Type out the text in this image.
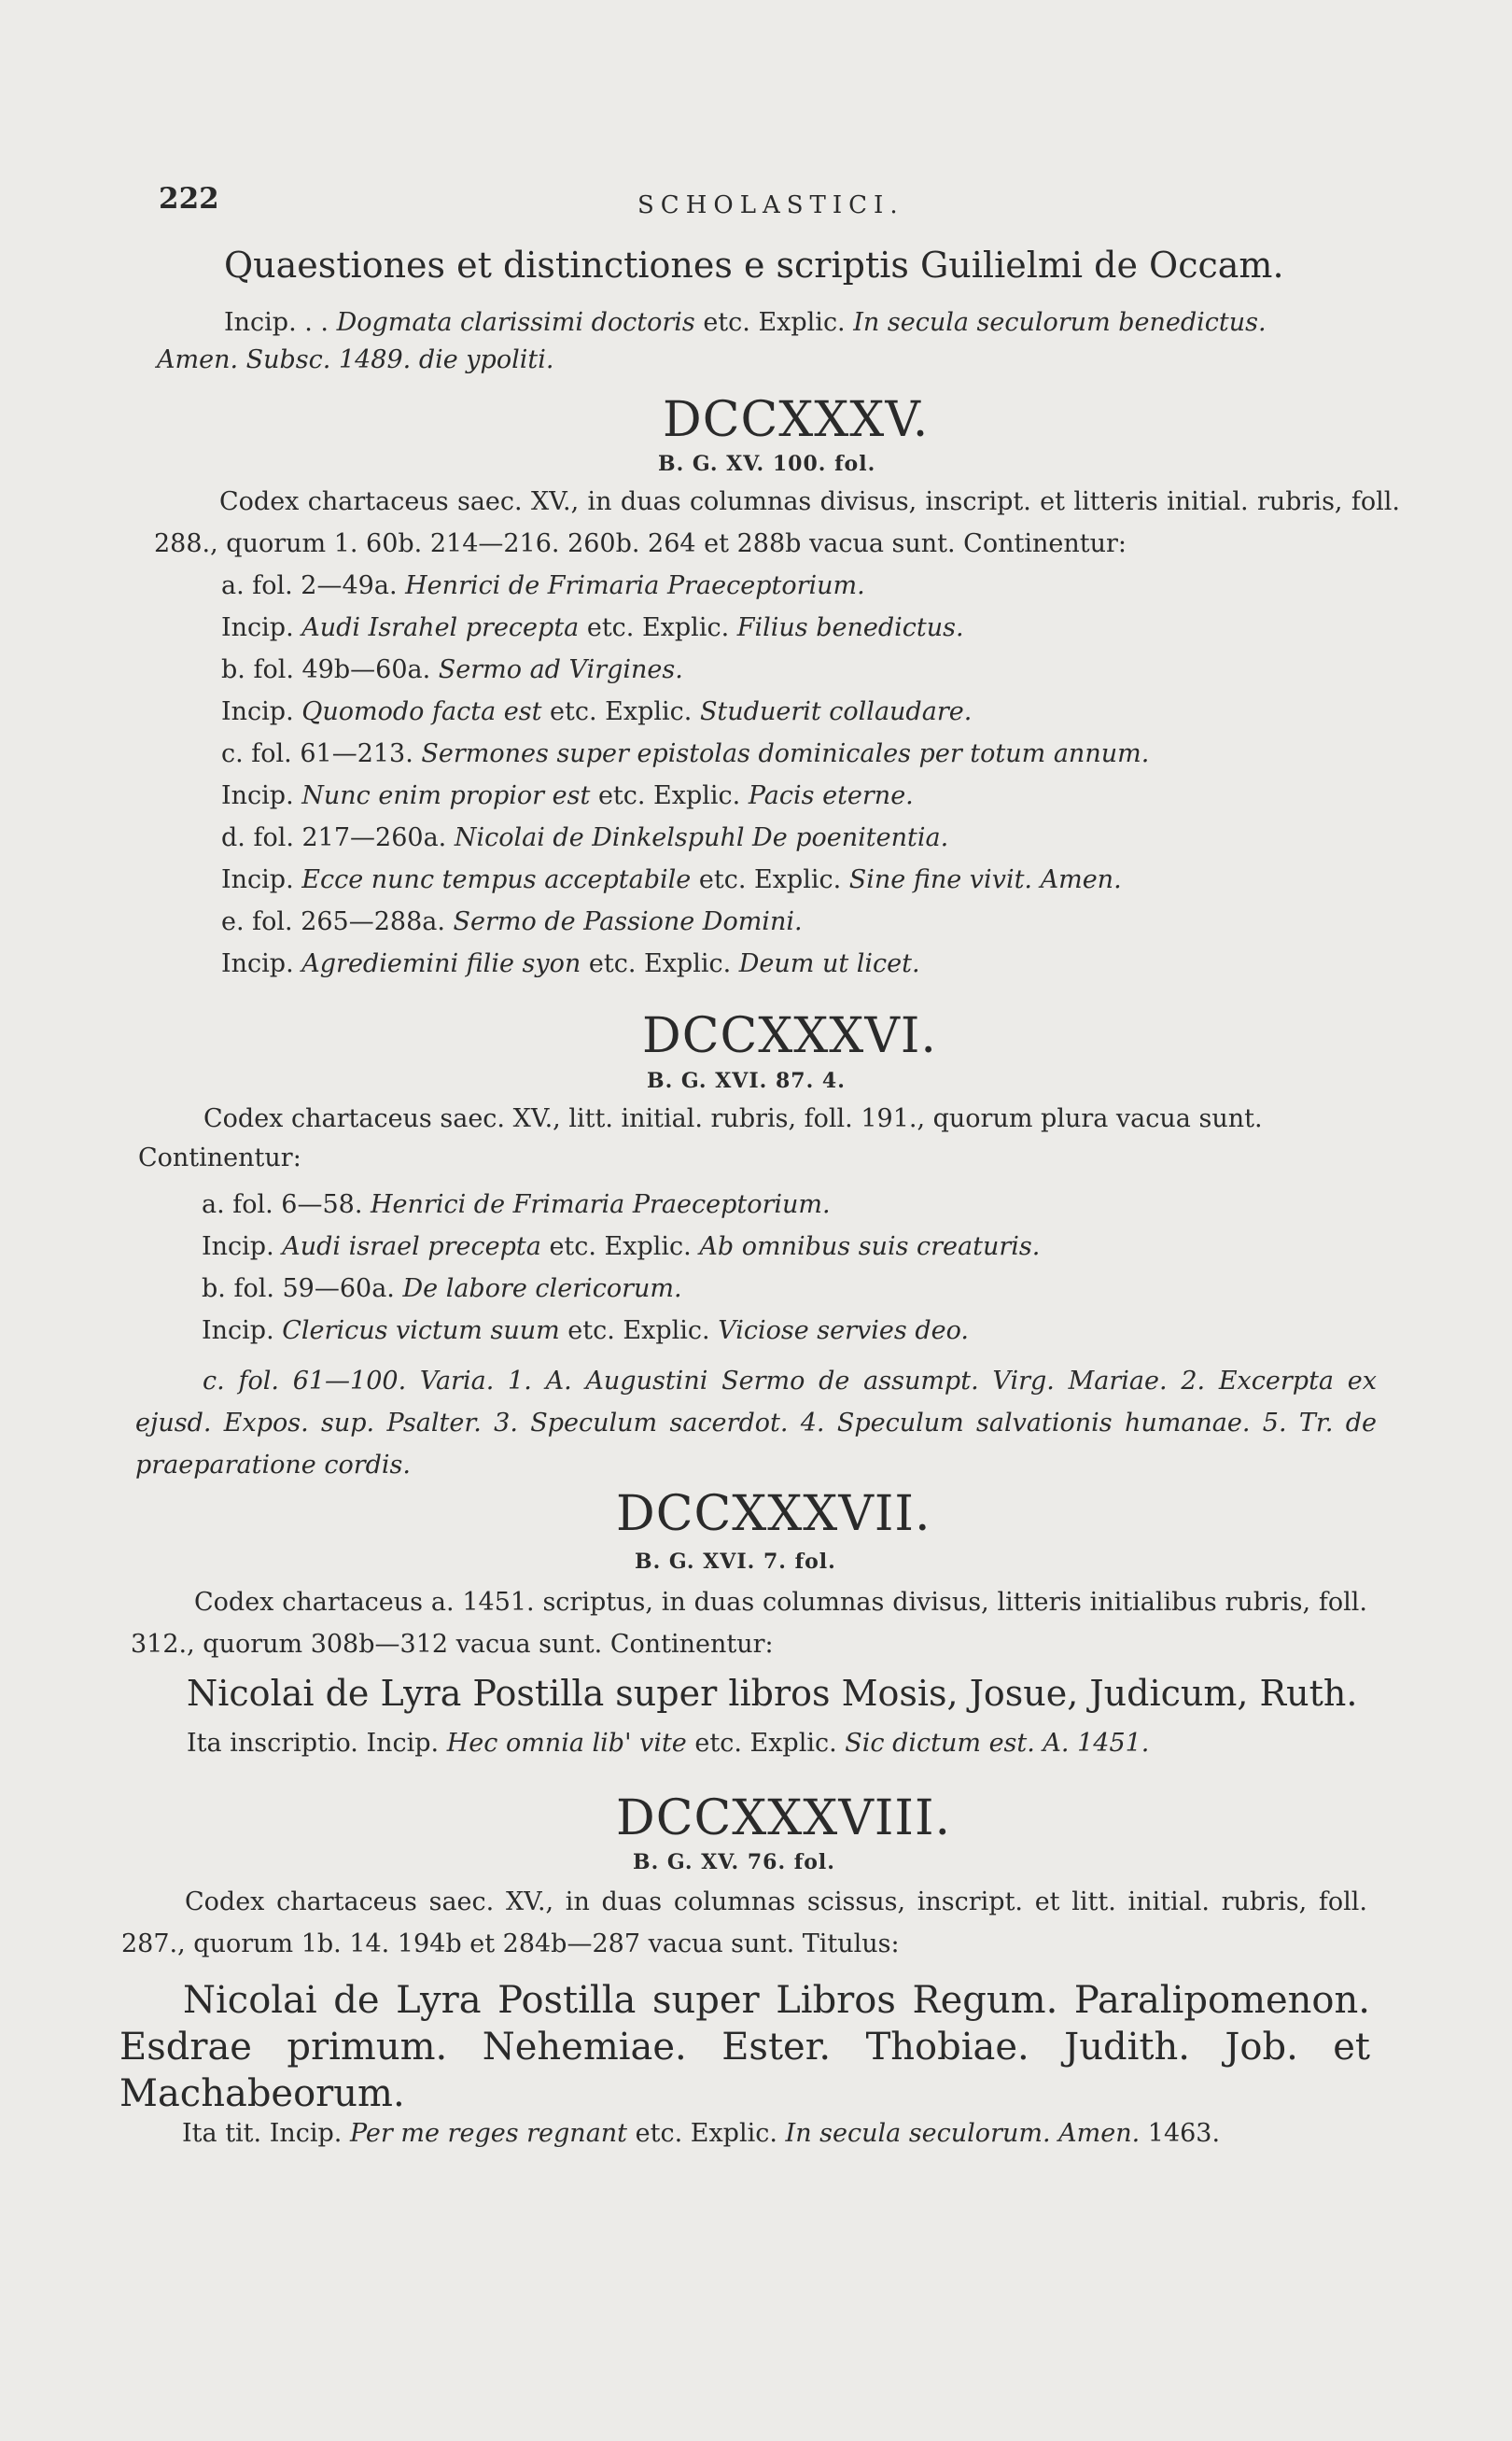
222	SCHOLASTICI.
Quaestiones et distinctiones e scriptis Guilielmi de Occam.
Incip. . . Dogmata clarissimi doctoris etc. Explic. In secula seculorum benedictus.
Amen. Subsc. 1489. die ypoliti.
DCCXXXV.
B. G. XV. 100. fol.
Codex chartaceus saec. XV., in duas columnas divisus, inscript. et litteris initial. rubris, foll. 288., quorum 1. 60b. 214—216. 260b. 264 et 288b vacua sunt. Continentur:
a. fol. 2—49a. Henrici de Frimaria Praeceptorium.
Incip. Audi Israhel precepta etc. Explic. Filius benedictus.
b. fol. 49b—60a. Sermo ad Virgines.
Incip. Quomodo facta est etc. Explic. Studuerit collaudare.
c. fol. 61—213. Sermones super epistolas dominicales per totum annum.
Incip. Nunc enim propior est etc. Explic. Pacis eterne.
d. fol. 217—260a. Nicolai de Dinkelspuhl De poenitentia.
Incip. Ecce nunc tempus acceptabile etc. Explic. Sine fine vivit. Amen.
e. fol. 265—288a. Sermo de Passione Domini.
Incip. Agrediemini filie syon etc. Explic. Deum ut licet.
DCCXXXVI.
B. G. XVI. 87. 4.
Codex chartaceus saec. XV., litt. initial. rubris, foll. 191., quorum plura vacua sunt.
Continentur:
a. fol. 6—58. Henrici de Frimaria Praeceptorium.
Incip. Audi israel precepta etc. Explic. Ab omnibus suis creaturis.
b. fol. 59—60a. De labore clericorum.
Incip. Clericus victum suum etc. Explic. Viciose servies deo.
c. fol. 61—100. Varia. 1. A. Augustini Sermo de assumpt. Virg. Mariae. 2. Excerpta ex ejusd. Expos. sup. Psalter. 3. Speculum sacerdot. 4. Speculum salvationis humanae. 5. Tr. de praeparatione cordis.
DCCXXXVII.
B. G. XVI. 7. fol.
Codex chartaceus a. 1451. scriptus, in duas columnas divisus, litteris initialibus rubris, foll. 312., quorum 308b—312 vacua sunt. Continentur:
Nicolai de Lyra Postilla super libros Mosis, Josue, Judicum, Ruth.
Ita inscriptio. Incip. Hec omnia lib' vite etc. Explic. Sic dictum est. A. 1451.
DCCXXXVIII.
B. G. XV. 76. fol.
Codex chartaceus saec. XV., in duas columnas scissus, inscript. et litt. initial. rubris, foll. 287., quorum 1b. 14. 194b et 284b—287 vacua sunt. Titulus:
Nicolai de Lyra Postilla super Libros Regum. Paralipomenon. Esdrae primum. Nehemiae. Ester. Thobiae. Judith. Job. et Machabeorum.
Ita tit. Incip. Per me reges regnant etc. Explic. In secula seculorum. Amen. 1463.
